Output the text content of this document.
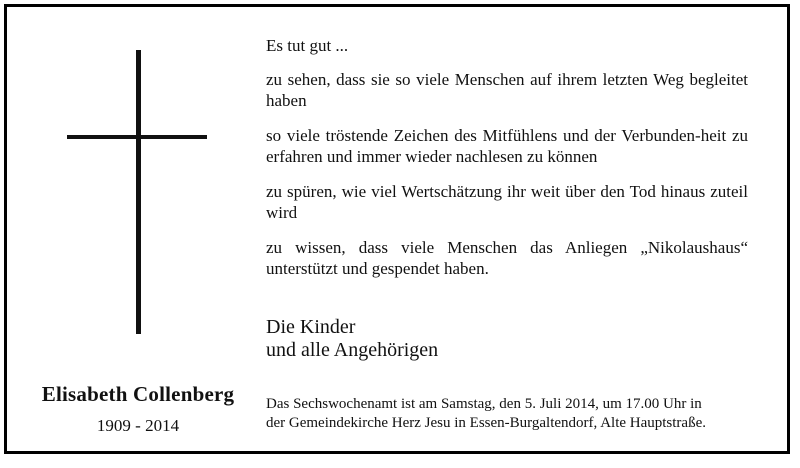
Elisabeth Collenberg
1909 - 2014

Es tut gut ...

zu sehen, dass sie so viele Menschen auf ihrem letzten Weg begleitet haben

so viele tröstende Zeichen des Mitfühlens und der Verbunden-heit zu erfahren und immer wieder nachlesen zu können

zu spüren, wie viel Wertschätzung ihr weit über den Tod hinaus zuteil wird

zu wissen, dass viele Menschen das Anliegen „Nikolaushaus“ unterstützt und gespendet haben.

Die Kinder
und alle Angehörigen
Das Sechswochenamt ist am Samstag, den 5. Juli 2014, um 17.00 Uhr in
der Gemeindekirche Herz Jesu in Essen-Burgaltendorf, Alte Hauptstraße.
